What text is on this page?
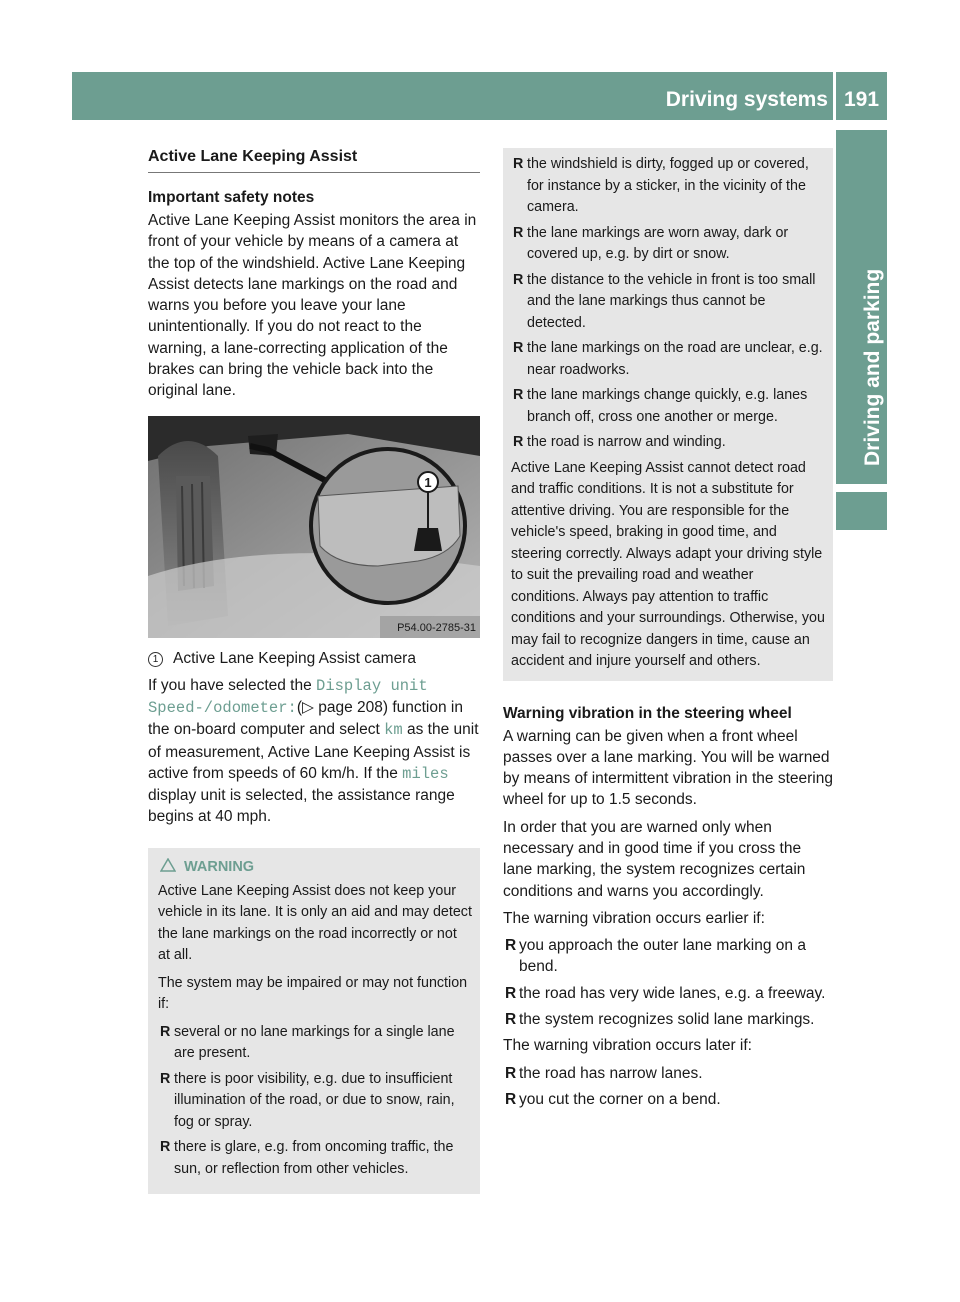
Driving systems 191
Driving and parking
Active Lane Keeping Assist
Important safety notes

Active Lane Keeping Assist monitors the area in front of your vehicle by means of a camera at the top of the windshield. Active Lane Keeping Assist detects lane markings on the road and warns you before you leave your lane unintentionally. If you do not react to the warning, a lane-correcting application of the brakes can bring the vehicle back into the original lane.

1
P54.00-2785-31
1 Active Lane Keeping Assist camera

If you have selected the Display unit Speed-/odometer:(▷ page 208) function in the on-board computer and select km as the unit of measurement, Active Lane Keeping Assist is active from speeds of 60 km/h. If the miles display unit is selected, the assistance range begins at 40 mph.

WARNING

Active Lane Keeping Assist does not keep your vehicle in its lane. It is only an aid and may detect the lane markings on the road incorrectly or not at all.

The system may be impaired or may not function if:

R several or no lane markings for a single lane are present.
R there is poor visibility, e.g. due to insufficient illumination of the road, or due to snow, rain, fog or spray.
R there is glare, e.g. from oncoming traffic, the sun, or reflection from other vehicles.
R the windshield is dirty, fogged up or covered, for instance by a sticker, in the vicinity of the camera.
R the lane markings are worn away, dark or covered up, e.g. by dirt or snow.
R the distance to the vehicle in front is too small and the lane markings thus cannot be detected.
R the lane markings on the road are unclear, e.g. near roadworks.
R the lane markings change quickly, e.g. lanes branch off, cross one another or merge.
R the road is narrow and winding.

Active Lane Keeping Assist cannot detect road and traffic conditions. It is not a substitute for attentive driving. You are responsible for the vehicle's speed, braking in good time, and steering correctly. Always adapt your driving style to suit the prevailing road and weather conditions. Always pay attention to traffic conditions and your surroundings. Otherwise, you may fail to recognize dangers in time, cause an accident and injure yourself and others.

Warning vibration in the steering wheel

A warning can be given when a front wheel passes over a lane marking. You will be warned by means of intermittent vibration in the steering wheel for up to 1.5 seconds.

In order that you are warned only when necessary and in good time if you cross the lane marking, the system recognizes certain conditions and warns you accordingly.

The warning vibration occurs earlier if:

R you approach the outer lane marking on a bend.
R the road has very wide lanes, e.g. a freeway.
R the system recognizes solid lane markings.

The warning vibration occurs later if:

R the road has narrow lanes.
R you cut the corner on a bend.
